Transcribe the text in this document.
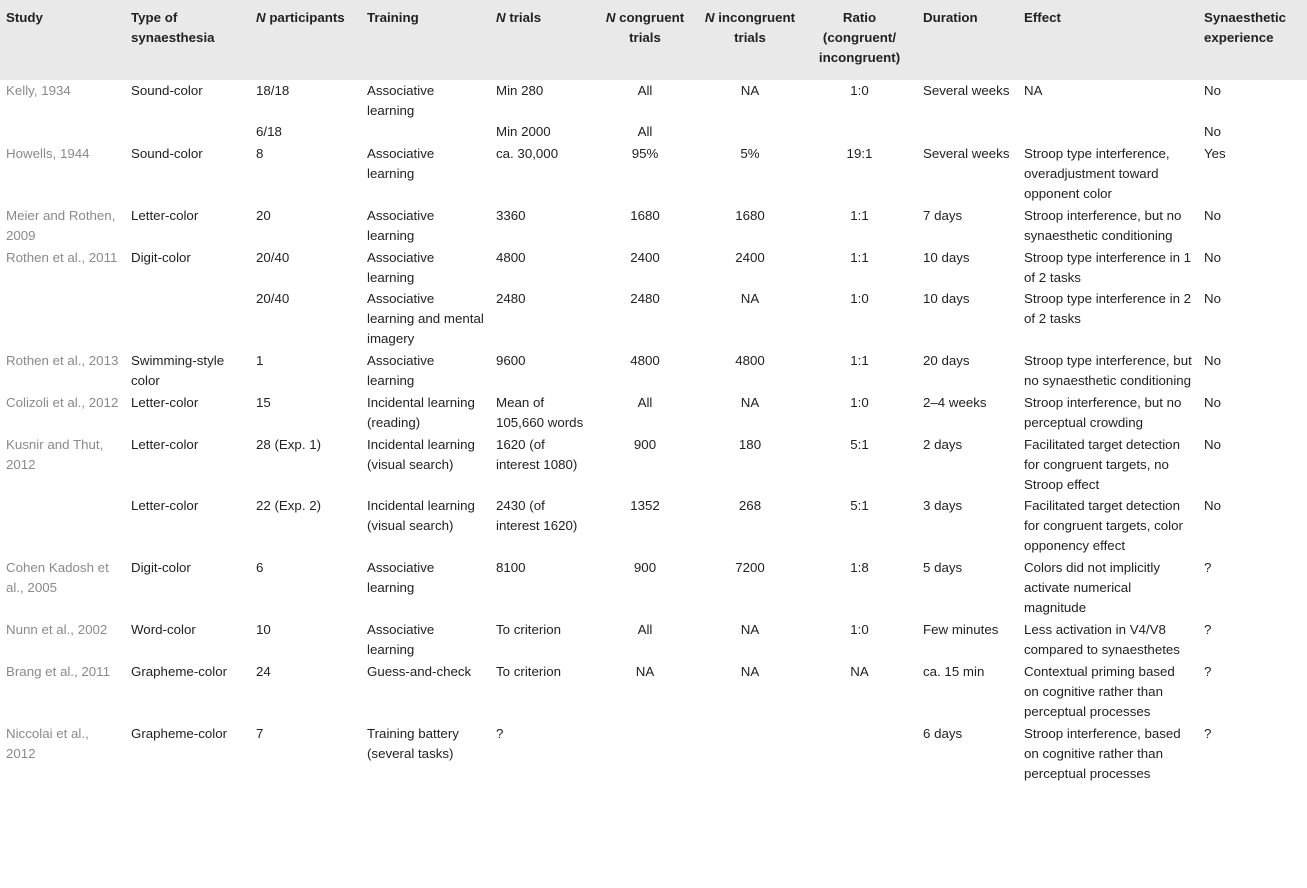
Study	Type of synaesthesia	N participants	Training	N trials	N congruent trials	N incongruent trials	Ratio (congruent/ incongruent)	Duration	Effect	Synaesthetic experience
Kelly, 1934	Sound-color	18/18	Associative learning	Min 280	All	NA	1:0	Several weeks	NA	No
		6/18		Min 2000	All					No
Howells, 1944	Sound-color	8	Associative learning	ca. 30,000	95%	5%	19:1	Several weeks	Stroop type interference, overadjustment toward opponent color	Yes
Meier and Rothen, 2009	Letter-color	20	Associative learning	3360	1680	1680	1:1	7 days	Stroop interference, but no synaesthetic conditioning	No
Rothen et al., 2011	Digit-color	20/40	Associative learning	4800	2400	2400	1:1	10 days	Stroop type interference in 1 of 2 tasks	No
		20/40	Associative learning and mental imagery	2480	2480	NA	1:0	10 days	Stroop type interference in 2 of 2 tasks	No
Rothen et al., 2013	Swimming-style color	1	Associative learning	9600	4800	4800	1:1	20 days	Stroop type interference, but no synaesthetic conditioning	No
Colizoli et al., 2012	Letter-color	15	Incidental learning (reading)	Mean of 105,660 words	All	NA	1:0	2–4 weeks	Stroop interference, but no perceptual crowding	No
Kusnir and Thut, 2012	Letter-color	28 (Exp. 1)	Incidental learning (visual search)	1620 (of interest 1080)	900	180	5:1	2 days	Facilitated target detection for congruent targets, no Stroop effect	No
	Letter-color	22 (Exp. 2)	Incidental learning (visual search)	2430 (of interest 1620)	1352	268	5:1	3 days	Facilitated target detection for congruent targets, color opponency effect	No
Cohen Kadosh et al., 2005	Digit-color	6	Associative learning	8100	900	7200	1:8	5 days	Colors did not implicitly activate numerical magnitude	?
Nunn et al., 2002	Word-color	10	Associative learning	To criterion	All	NA	1:0	Few minutes	Less activation in V4/V8 compared to synaesthetes	?
Brang et al., 2011	Grapheme-color	24	Guess-and-check	To criterion	NA	NA	NA	ca. 15 min	Contextual priming based on cognitive rather than perceptual processes	?
Niccolai et al., 2012	Grapheme-color	7	Training battery (several tasks)	?				6 days	Stroop interference, based on cognitive rather than perceptual processes	?
